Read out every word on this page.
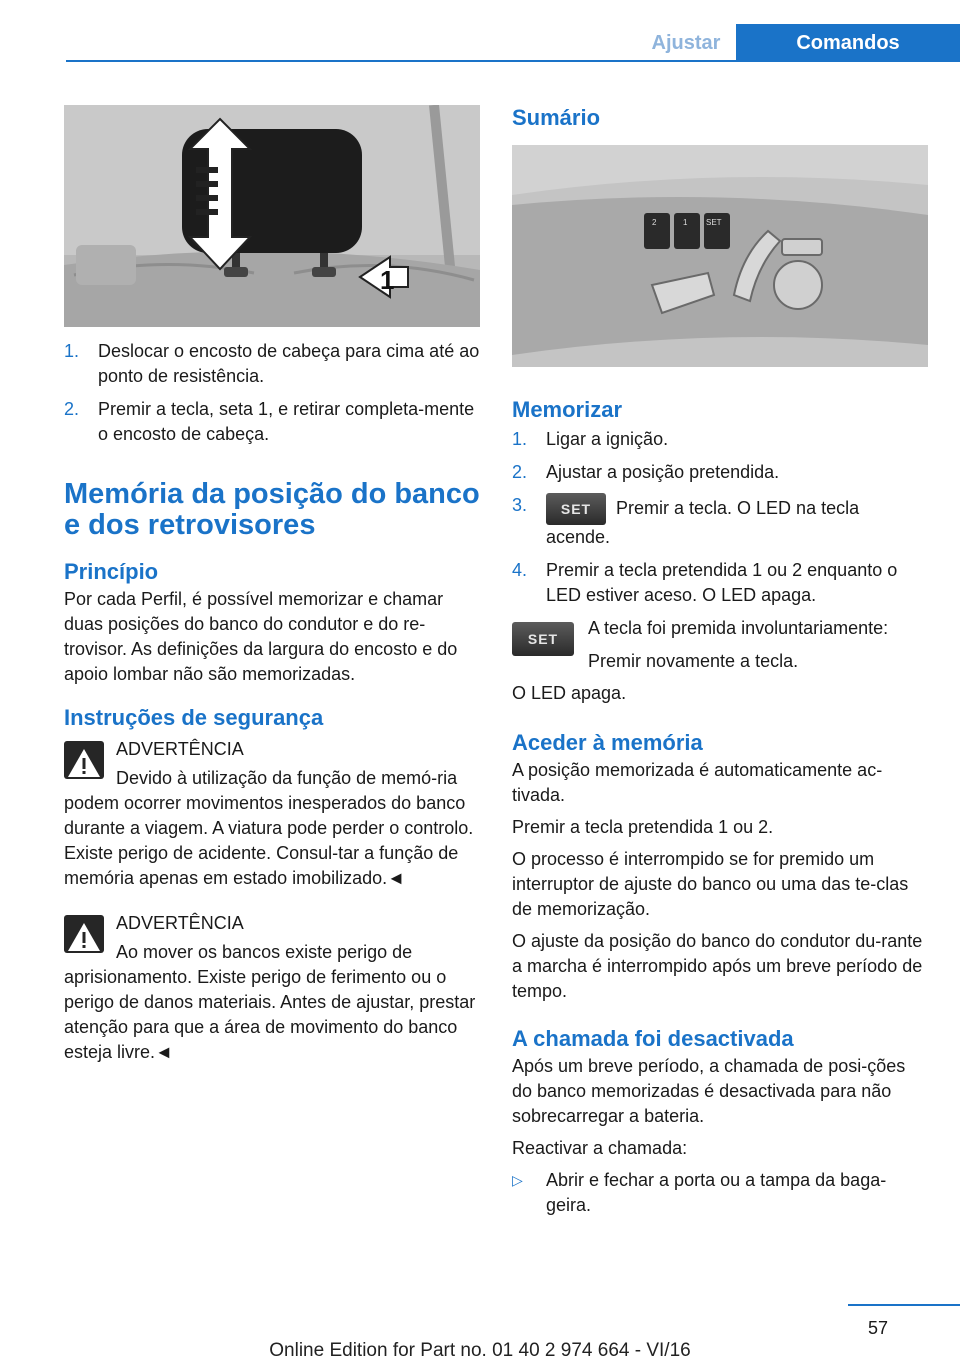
Ajustar	Comandos
1
1.	Deslocar o encosto de cabeça para cima até ao ponto de resistência.
2.	Premir a tecla, seta 1, e retirar completa‐mente o encosto de cabeça.
Memória da posição do banco e dos retrovisores
Princípio

Por cada Perfil, é possível memorizar e chamar duas posições do banco do condutor e do re‐trovisor. As definições da largura do encosto e do apoio lombar não são memorizadas.

Instruções de segurança

ADVERTÊNCIA

Devido à utilização da função de memó‐ria podem ocorrer movimentos inesperados do banco durante a viagem. A viatura pode perder o controlo. Existe perigo de acidente. Consul‐tar a função de memória apenas em estado imobilizado.◄

ADVERTÊNCIA

Ao mover os bancos existe perigo de aprisionamento. Existe perigo de ferimento ou o perigo de danos materiais. Antes de ajustar, prestar atenção para que a área de movimento do banco esteja livre.◄

Sumário
2	1 SET
Memorizar
1.	Ligar a ignição.
2.	Ajustar a posição pretendida.
3.	SET Premir a tecla. O LED na tecla acende.
4.	Premir a tecla pretendida 1 ou 2 enquanto o LED estiver aceso. O LED apaga.
SET

A tecla foi premida involuntariamente:

Premir novamente a tecla.

O LED apaga.

Aceder à memória

A posição memorizada é automaticamente ac‐tivada.

Premir a tecla pretendida 1 ou 2.

O processo é interrompido se for premido um interruptor de ajuste do banco ou uma das te‐clas de memorização.

O ajuste da posição do banco do condutor du‐rante a marcha é interrompido após um breve período de tempo.

A chamada foi desactivada

Após um breve período, a chamada de posi‐ções do banco memorizadas é desactivada para não sobrecarregar a bateria.

Reactivar a chamada:

▷	Abrir e fechar a porta ou a tampa da baga‐geira.
57
Online Edition for Part no. 01 40 2 974 664 - VI/16
